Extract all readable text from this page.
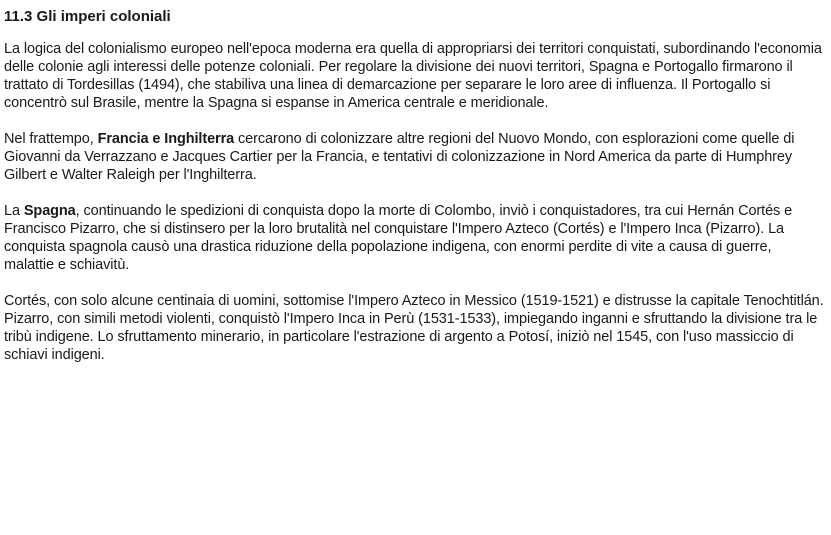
11.3 Gli imperi coloniali

La logica del colonialismo europeo nell'epoca moderna era quella di appropriarsi dei territori conquistati, subordinando l'economia delle colonie agli interessi delle potenze coloniali. Per regolare la divisione dei nuovi territori, Spagna e Portogallo firmarono il trattato di Tordesillas (1494), che stabiliva una linea di demarcazione per separare le loro aree di influenza. Il Portogallo si concentrò sul Brasile, mentre la Spagna si espanse in America centrale e meridionale.

Nel frattempo, Francia e Inghilterra cercarono di colonizzare altre regioni del Nuovo Mondo, con esplorazioni come quelle di Giovanni da Verrazzano e Jacques Cartier per la Francia, e tentativi di colonizzazione in Nord America da parte di Humphrey Gilbert e Walter Raleigh per l'Inghilterra.

La Spagna, continuando le spedizioni di conquista dopo la morte di Colombo, inviò i conquistadores, tra cui Hernán Cortés e Francisco Pizarro, che si distinsero per la loro brutalità nel conquistare l'Impero Azteco (Cortés) e l'Impero Inca (Pizarro). La conquista spagnola causò una drastica riduzione della popolazione indigena, con enormi perdite di vite a causa di guerre, malattie e schiavitù.

Cortés, con solo alcune centinaia di uomini, sottomise l'Impero Azteco in Messico (1519-1521) e distrusse la capitale Tenochtitlán. Pizarro, con simili metodi violenti, conquistò l'Impero Inca in Perù (1531-1533), impiegando inganni e sfruttando la divisione tra le tribù indigene. Lo sfruttamento minerario, in particolare l'estrazione di argento a Potosí, iniziò nel 1545, con l'uso massiccio di schiavi indigeni.
